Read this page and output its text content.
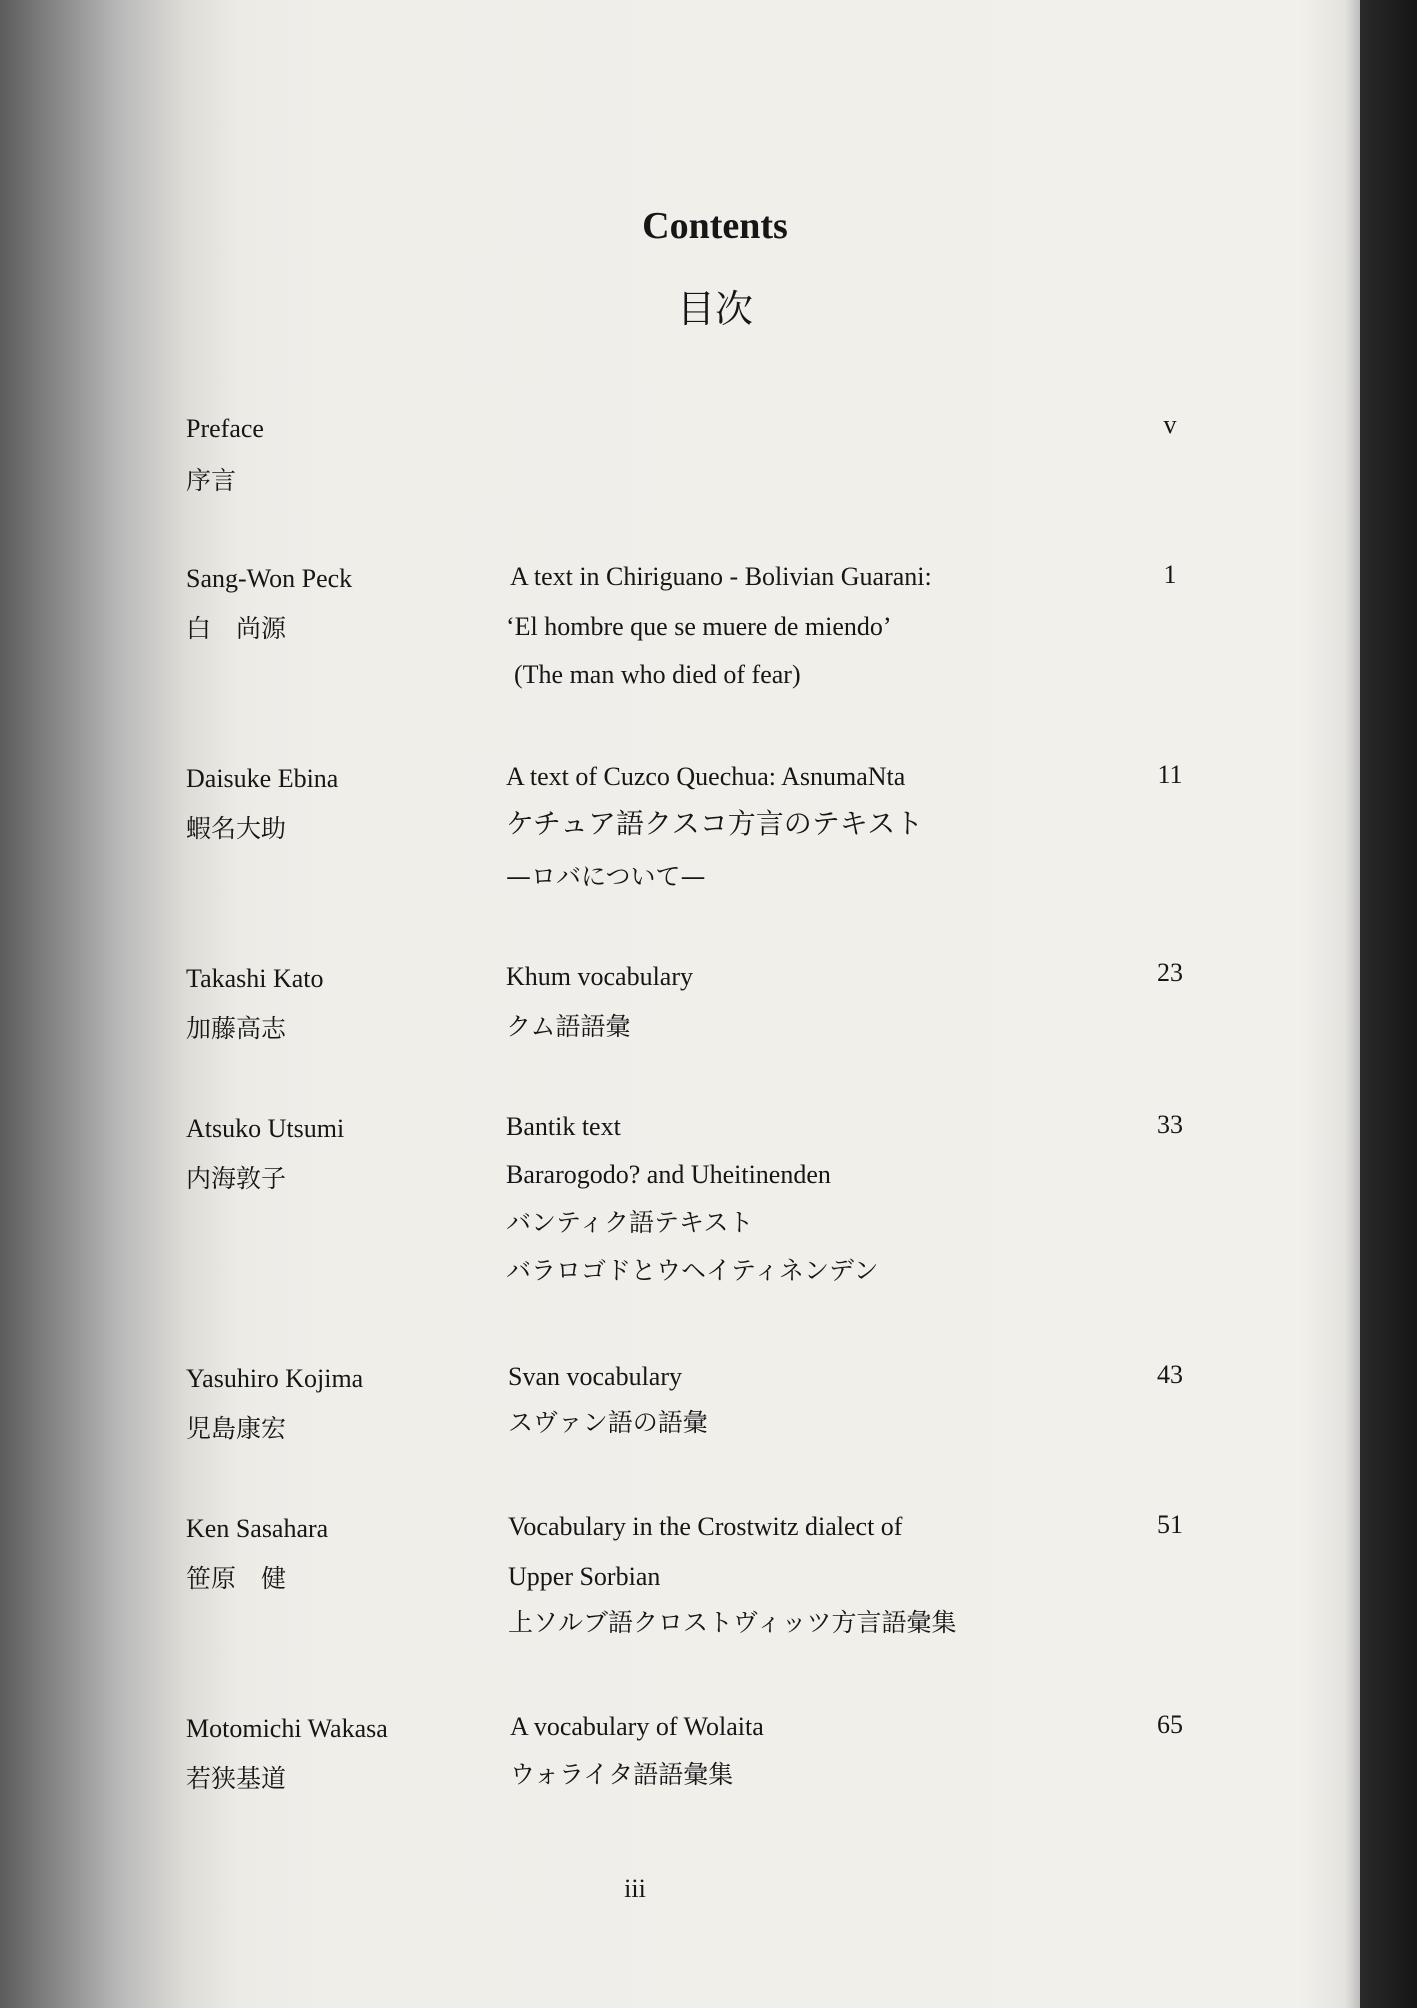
Contents
目次
Preface
序言
v
Sang-Won Peck
白　尚源
A text in Chiriguano - Bolivian Guarani:
‘El hombre que se muere de miendo’
(The man who died of fear)
1
Daisuke Ebina
蝦名大助
A text of Cuzco Quechua: AsnumaNta
ケチュア語クスコ方言のテキスト
—ロバについて—
11
Takashi Kato
加藤高志
Khum vocabulary
クム語語彙
23
Atsuko Utsumi
内海敦子
Bantik text
Bararogodo? and Uheitinenden
バンティク語テキスト
バラロゴドとウヘイティネンデン
33
Yasuhiro Kojima
児島康宏
Svan vocabulary
スヴァン語の語彙
43
Ken Sasahara
笹原　健
Vocabulary in the Crostwitz dialect of
Upper Sorbian
上ソルブ語クロストヴィッツ方言語彙集
51
Motomichi Wakasa
若狭基道
A vocabulary of Wolaita
ウォライタ語語彙集
65
iii
